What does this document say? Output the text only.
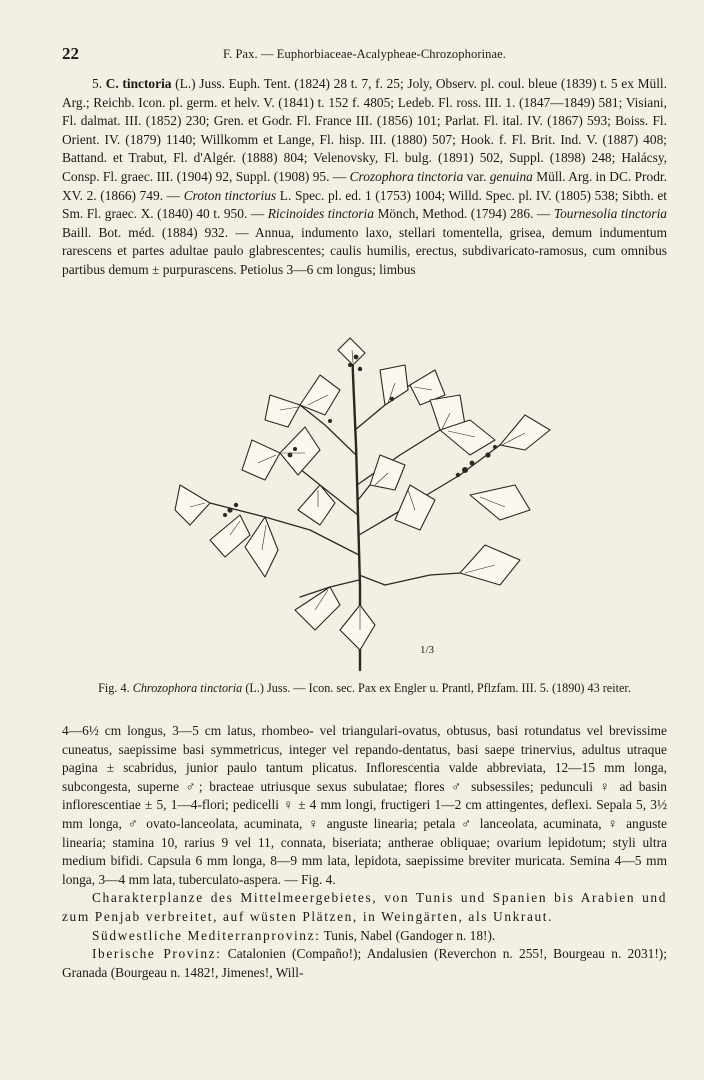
22	F. Pax. — Euphorbiaceae-Acalypheae-Chrozophorinae.

5. C. tinctoria (L.) Juss. Euph. Tent. (1824) 28 t. 7, f. 25; Joly, Observ. pl. coul. bleue (1839) t. 5 ex Müll. Arg.; Reichb. Icon. pl. germ. et helv. V. (1841) t. 152 f. 4805; Ledeb. Fl. ross. III. 1. (1847—1849) 581; Visiani, Fl. dalmat. III. (1852) 230; Gren. et Godr. Fl. France III. (1856) 101; Parlat. Fl. ital. IV. (1867) 593; Boiss. Fl. Orient. IV. (1879) 1140; Willkomm et Lange, Fl. hisp. III. (1880) 507; Hook. f. Fl. Brit. Ind. V. (1887) 408; Battand. et Trabut, Fl. d'Algér. (1888) 804; Velenovsky, Fl. bulg. (1891) 502, Suppl. (1898) 248; Halácsy, Consp. Fl. graec. III. (1904) 92, Suppl. (1908) 95. — Crozophora tinctoria var. genuina Müll. Arg. in DC. Prodr. XV. 2. (1866) 749. — Croton tinctorius L. Spec. pl. ed. 1 (1753) 1004; Willd. Spec. pl. IV. (1805) 538; Sibth. et Sm. Fl. graec. X. (1840) 40 t. 950. — Ricinoides tinctoria Mönch, Method. (1794) 286. — Tournesolia tinctoria Baill. Bot. méd. (1884) 932. — Annua, indumento laxo, stellari tomentella, grisea, demum indumentum rarescens et partes adultae paulo glabrescentes; caulis humilis, erectus, subdivaricato-ramosus, cum omnibus partibus demum ± purpurascens. Petiolus 3—6 cm longus; limbus

1/3
Fig. 4. Chrozophora tinctoria (L.) Juss. — Icon. sec. Pax ex Engler u. Prantl, Pflzfam. III. 5. (1890) 43 reiter.

4—6½ cm longus, 3—5 cm latus, rhombeo- vel triangulari-ovatus, obtusus, basi rotundatus vel brevissime cuneatus, saepissime basi symmetricus, integer vel repando-dentatus, basi saepe trinervius, adultus utraque pagina ± scabridus, junior paulo tantum plicatus. Inflorescentia valde abbreviata, 12—15 mm longa, subcongesta, superne ♂; bracteae utriusque sexus subulatae; flores ♂ subsessiles; pedunculi ♀ ad basin inflorescentiae ± 5, 1—4-flori; pedicelli ♀ ± 4 mm longi, fructigeri 1—2 cm attingentes, deflexi. Sepala 5, 3½ mm longa, ♂ ovato-lanceolata, acuminata, ♀ anguste linearia; petala ♂ lanceolata, acuminata, ♀ anguste linearia; stamina 10, rarius 9 vel 11, connata, biseriata; antherae obliquae; ovarium lepidotum; styli ultra medium bifidi. Capsula 6 mm longa, 8—9 mm lata, lepidota, saepissime breviter muricata. Semina 4—5 mm longa, 3—4 mm lata, tuberculato-aspera. — Fig. 4.

Charakterplanze des Mittelmeergebietes, von Tunis und Spanien bis Arabien und zum Penjab verbreitet, auf wüsten Plätzen, in Weingärten, als Unkraut.

Südwestliche Mediterranprovinz: Tunis, Nabel (Gandoger n. 18!).

Iberische Provinz: Catalonien (Compaño!); Andalusien (Reverchon n. 255!, Bourgeau n. 2031!); Granada (Bourgeau n. 1482!, Jimenes!, Will-
